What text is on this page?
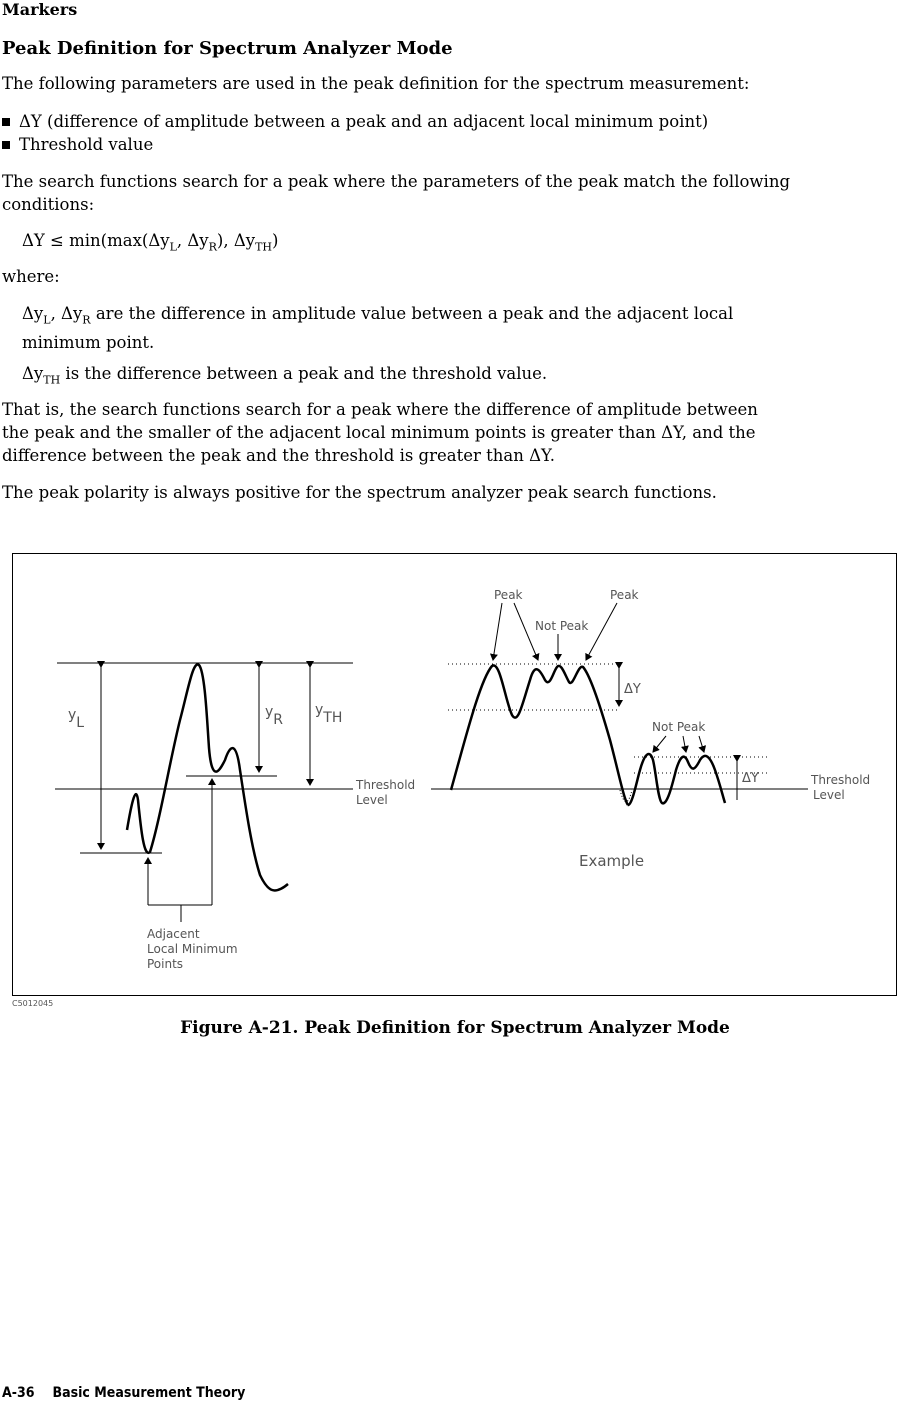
Markers
Peak Definition for Spectrum Analyzer Mode
The following parameters are used in the peak definition for the spectrum measurement:
ΔY (difference of amplitude between a peak and an adjacent local minimum point)
Threshold value
The search functions search for a peak where the parameters of the peak match the following
conditions:
$\Delta Y \le \min(\max(\Delta y_L$, $\Delta y_R$), $\Delta y_{TH}$)
where:
$\Delta y_L$, $\Delta y_R$ are the difference in amplitude value between a peak and the adjacent local
minimum point.
$\Delta y_{TH}$ is the difference between a peak and the threshold value.
That is, the search functions search for a peak where the difference of amplitude between
the peak and the smaller of the adjacent local minimum points is greater than ΔY, and the
difference between the peak and the threshold is greater than ΔY.
The peak polarity is always positive for the spectrum analyzer peak search functions.
yL
yR
yTH
Threshold
Level
Adjacent
Local Minimum
Points
Peak	Peak
Not Peak
ΔY
Not Peak
ΔY	Threshold
Level
Example
C5012045
Figure A-21. Peak Definition for Spectrum Analyzer Mode
A-36 Basic Measurement Theory
